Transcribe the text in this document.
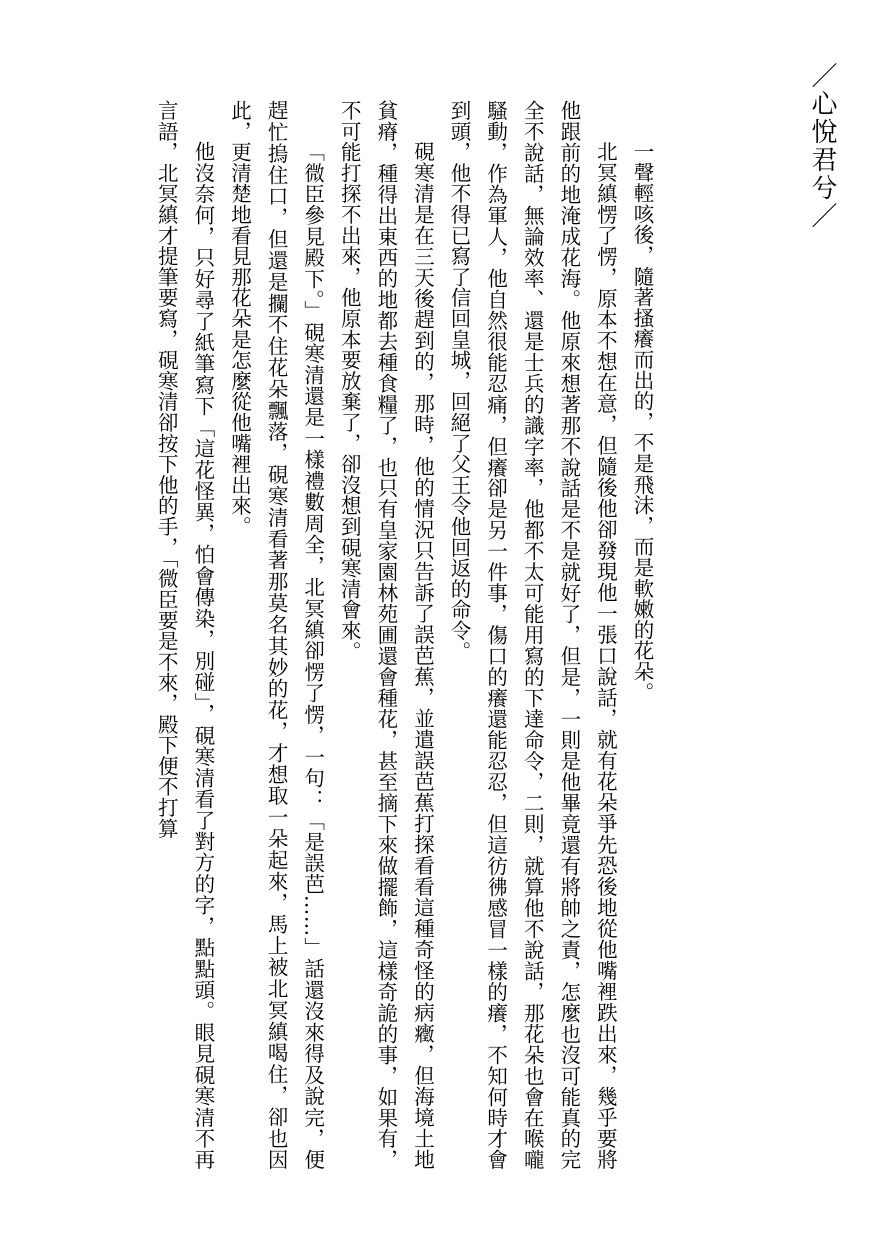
／心悅君兮／

一聲輕咳後，隨著搔癢而出的，不是飛沫，而是軟嫩的花朵。

北冥縝愣了愣，原本不想在意，但隨後他卻發現他一張口說話，就有花朵爭先恐後地從他嘴裡跌出來，幾乎要將他跟前的地淹成花海。他原來想著那不說話是不是就好了，但是，一則是他畢竟還有將帥之責，怎麼也沒可能真的完全不說話，無論效率、還是士兵的識字率，他都不太可能用寫的下達命令，二則，就算他不說話，那花朵也會在喉嚨騷動，作為軍人，他自然很能忍痛，但癢卻是另一件事，傷口的癢還能忍忍，但這彷彿感冒一樣的癢，不知何時才會到頭，他不得已寫了信回皇城，回絕了父王令他回返的命令。

硯寒清是在三天後趕到的，那時，他的情況只告訴了誤芭蕉，並遣誤芭蕉打探看看這種奇怪的病癥，但海境土地貧瘠，種得出東西的地都去種食糧了，也只有皇家園林苑圃還會種花，甚至摘下來做擺飾，這樣奇詭的事，如果有，不可能打探不出來，他原本要放棄了，卻沒想到硯寒清會來。

「微臣參見殿下。」硯寒清還是一樣禮數周全，北冥縝卻愣了愣，一句：「是誤芭……」話還沒來得及說完，便趕忙摀住口，但還是攔不住花朵飄落，硯寒清看著那莫名其妙的花，才想取一朵起來，馬上被北冥縝喝住，卻也因此，更清楚地看見那花朵是怎麼從他嘴裡出來。

他沒奈何，只好尋了紙筆寫下「這花怪異，怕會傳染，別碰」，硯寒清看了對方的字，點點頭。眼見硯寒清不再言語，北冥縝才提筆要寫，硯寒清卻按下他的手，「微臣要是不來，殿下便不打算
